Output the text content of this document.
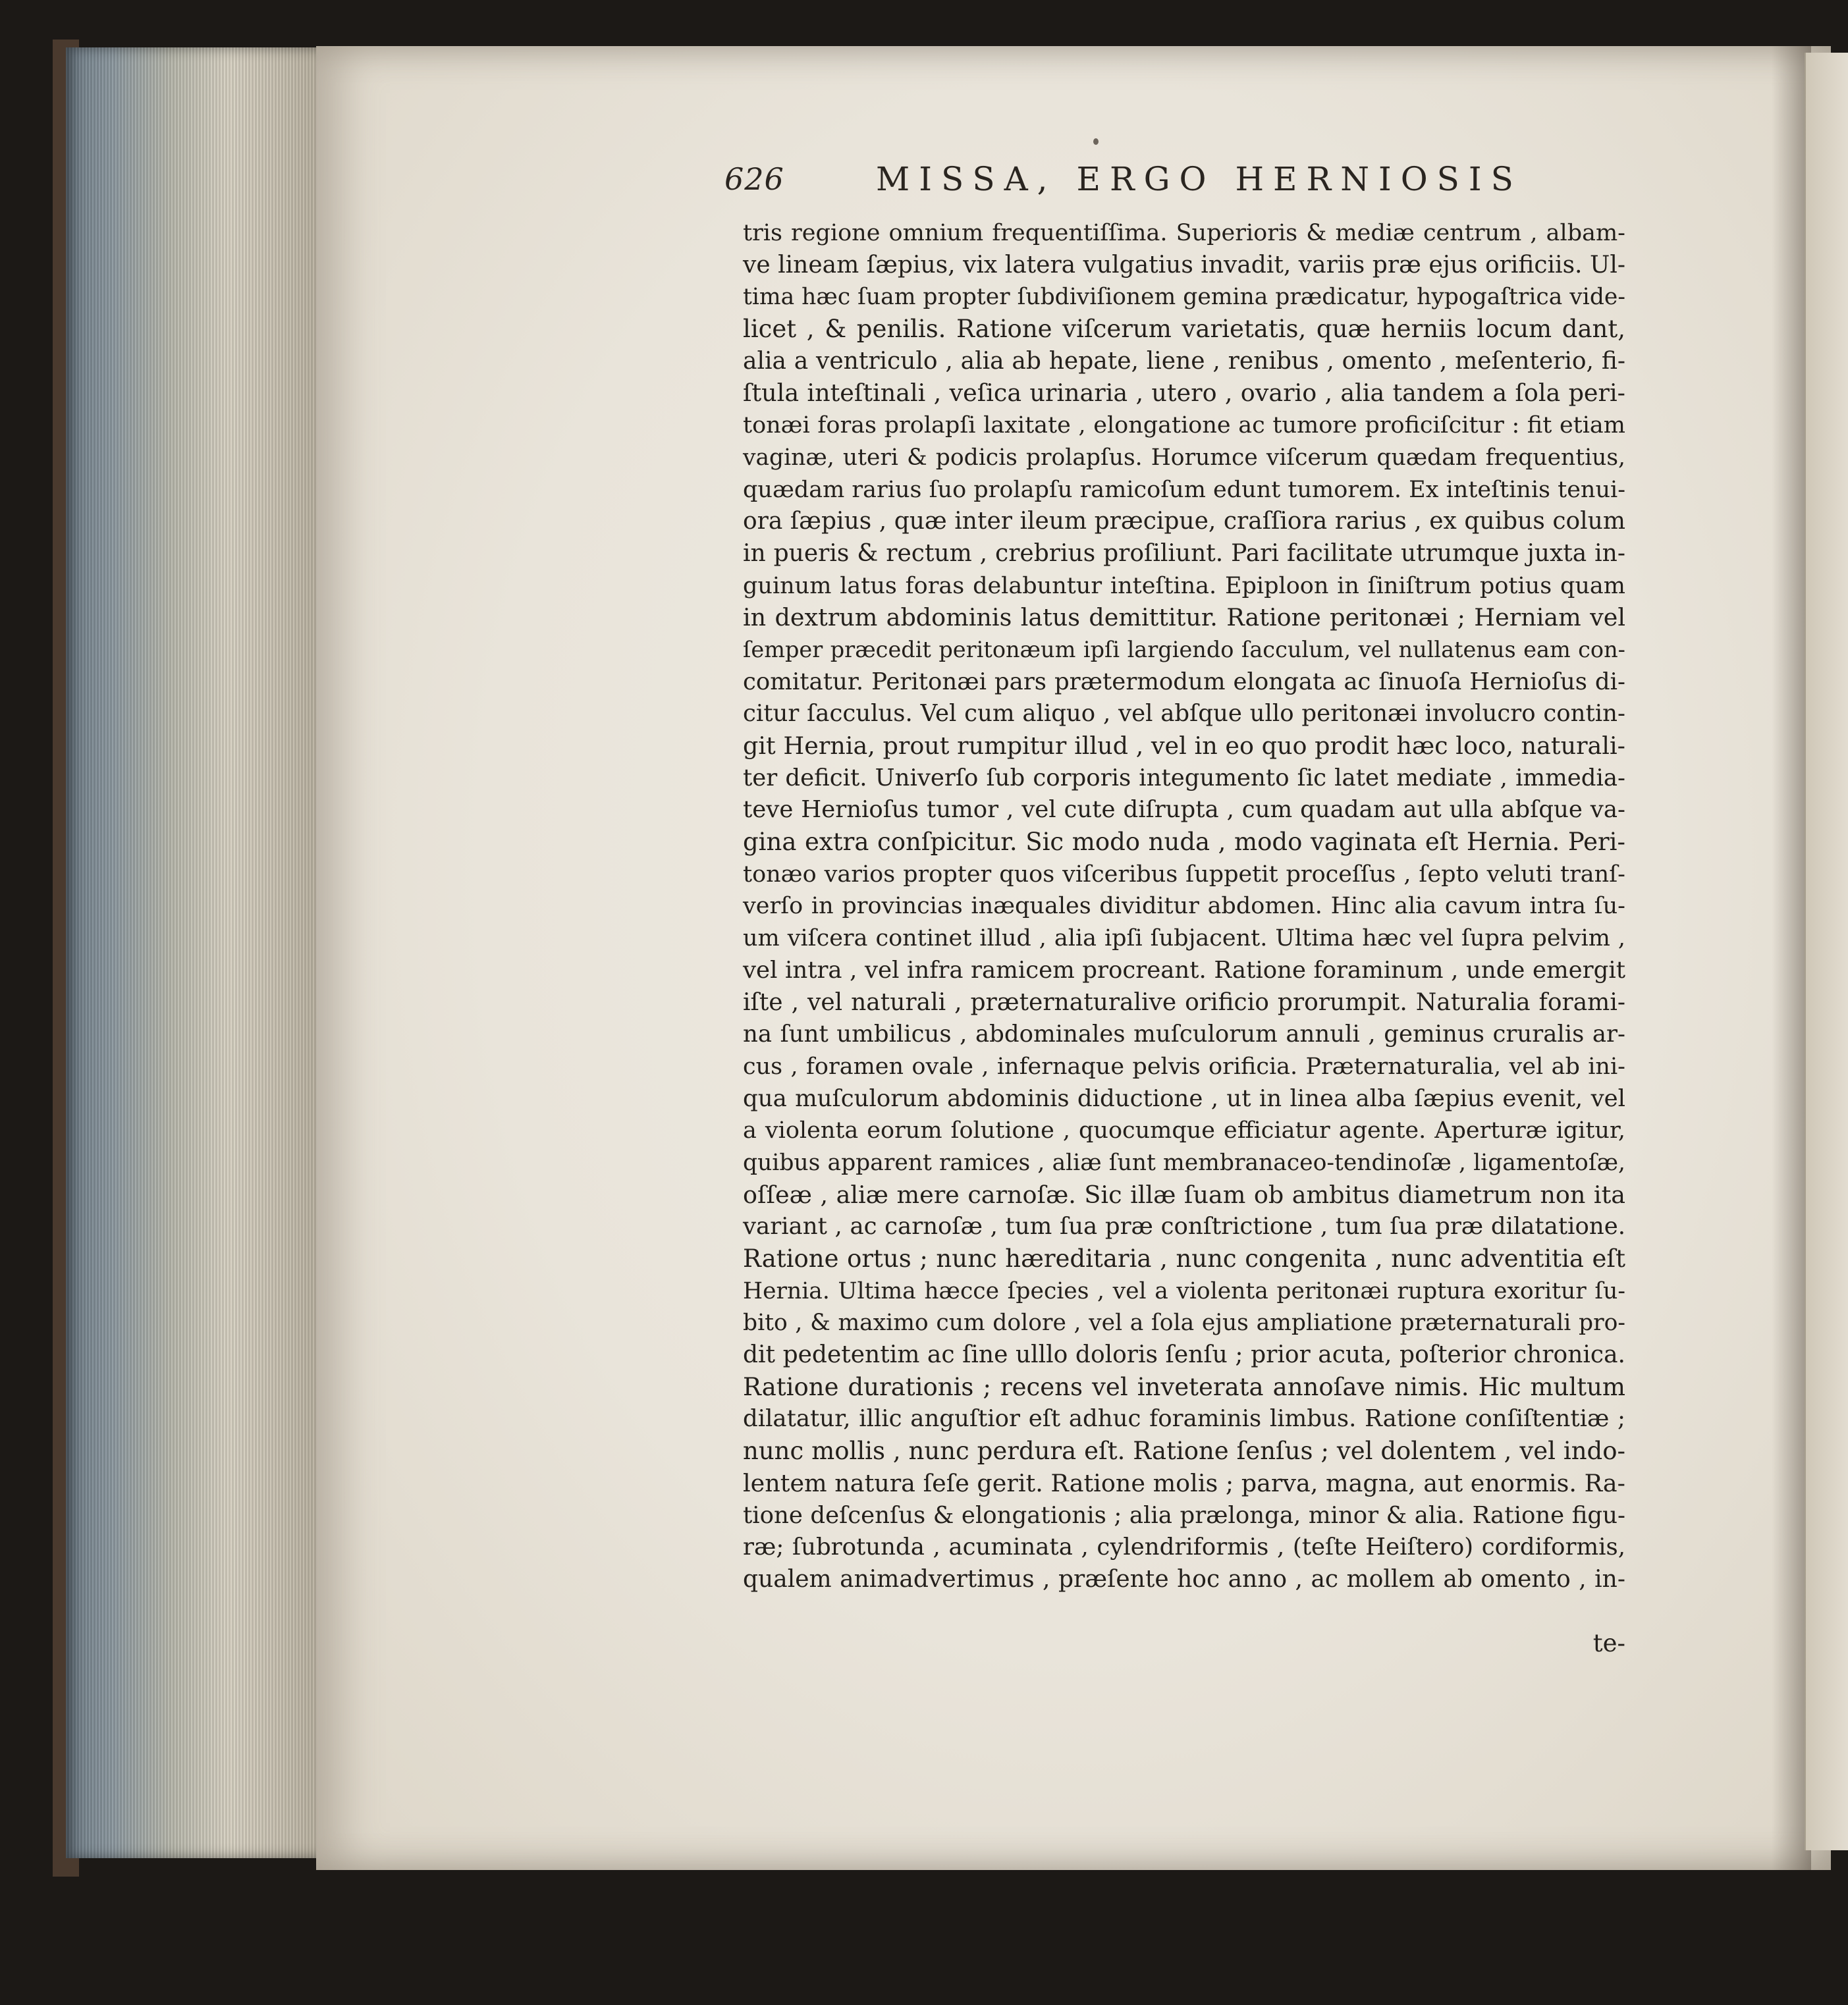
626	MISSA, ERGO HERNIOSIS
tris regione omnium frequentiſſima. Superioris & mediæ centrum , albam-
ve lineam ſæpius, vix latera vulgatius invadit, variis præ ejus orificiis. Ul-
tima hæc ſuam propter ſubdiviſionem gemina prædicatur, hypogaſtrica vide-
licet , & penilis. Ratione viſcerum varietatis, quæ herniis locum dant,
alia a ventriculo , alia ab hepate, liene , renibus , omento , meſenterio, fi-
ſtula inteſtinali , veſica urinaria , utero , ovario , alia tandem a ſola peri-
tonæi foras prolapſi laxitate , elongatione ac tumore proficiſcitur : fit etiam
vaginæ, uteri & podicis prolapſus. Horumce viſcerum quædam frequentius,
quædam rarius ſuo prolapſu ramicoſum edunt tumorem. Ex inteſtinis tenui-
ora ſæpius , quæ inter ileum præcipue, craſſiora rarius , ex quibus colum
in pueris & rectum , crebrius proſiliunt. Pari facilitate utrumque juxta in-
guinum latus foras delabuntur inteſtina. Epiploon in ſiniſtrum potius quam
in dextrum abdominis latus demittitur. Ratione peritonæi ; Herniam vel
ſemper præcedit peritonæum ipſi largiendo ſacculum, vel nullatenus eam con-
comitatur. Peritonæi pars prætermodum elongata ac ſinuoſa Hernioſus di-
citur ſacculus. Vel cum aliquo , vel abſque ullo peritonæi involucro contin-
git Hernia, prout rumpitur illud , vel in eo quo prodit hæc loco, naturali-
ter deficit. Univerſo ſub corporis integumento ſic latet mediate , immedia-
teve Hernioſus tumor , vel cute diſrupta , cum quadam aut ulla abſque va-
gina extra conſpicitur. Sic modo nuda , modo vaginata eſt Hernia. Peri-
tonæo varios propter quos viſceribus ſuppetit proceſſus , ſepto veluti tranſ-
verſo in provincias inæquales dividitur abdomen. Hinc alia cavum intra ſu-
um viſcera continet illud , alia ipſi ſubjacent. Ultima hæc vel ſupra pelvim ,
vel intra , vel infra ramicem procreant. Ratione foraminum , unde emergit
iſte , vel naturali , præternaturalive orificio prorumpit. Naturalia forami-
na ſunt umbilicus , abdominales muſculorum annuli , geminus cruralis ar-
cus , foramen ovale , infernaque pelvis orificia. Præternaturalia, vel ab ini-
qua muſculorum abdominis diductione , ut in linea alba ſæpius evenit, vel
a violenta eorum ſolutione , quocumque efficiatur agente. Aperturæ igitur,
quibus apparent ramices , aliæ ſunt membranaceo-tendinoſæ , ligamentoſæ,
oſſeæ , aliæ mere carnoſæ. Sic illæ ſuam ob ambitus diametrum non ita
variant , ac carnoſæ , tum ſua præ conſtrictione , tum ſua præ dilatatione.
Ratione ortus ; nunc hæreditaria , nunc congenita , nunc adventitia eſt
Hernia. Ultima hæcce ſpecies , vel a violenta peritonæi ruptura exoritur ſu-
bito , & maximo cum dolore , vel a ſola ejus ampliatione præternaturali pro-
dit pedetentim ac ſine ulllo doloris ſenſu ; prior acuta, poſterior chronica.
Ratione durationis ; recens vel inveterata annoſave nimis. Hic multum
dilatatur, illic anguſtior eſt adhuc foraminis limbus. Ratione conſiſtentiæ ;
nunc mollis , nunc perdura eſt. Ratione ſenſus ; vel dolentem , vel indo-
lentem natura ſeſe gerit. Ratione molis ; parva, magna, aut enormis. Ra-
tione deſcenſus & elongationis ; alia prælonga, minor & alia. Ratione figu-
ræ; ſubrotunda , acuminata , cylendriformis , (teſte Heiſtero) cordiformis,
qualem animadvertimus , præſente hoc anno , ac mollem ab omento , in-
te-
